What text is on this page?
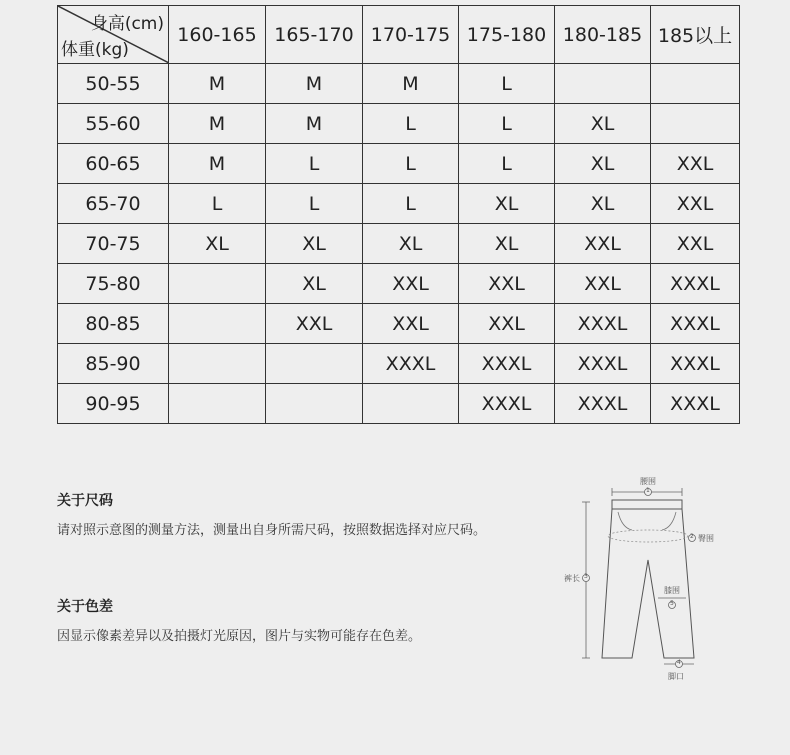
身高(cm)
体重(kg)	160-165	165-170	170-175	175-180	180-185	185以上
50-55	M	M	M	L		
55-60	M	M	L	L	XL	
60-65	M	L	L	L	XL	XXL
65-70	L	L	L	XL	XL	XXL
70-75	XL	XL	XL	XL	XXL	XXL
75-80		XL	XXL	XXL	XXL	XXXL
80-85		XXL	XXL	XXL	XXXL	XXXL
85-90			XXXL	XXXL	XXXL	XXXL
90-95				XXXL	XXXL	XXXL
关于尺码

请对照示意图的测量方法，测量出自身所需尺码，按照数据选择对应尺码。

关于色差

因显示像素差异以及拍摄灯光原因，图片与实物可能存在色差。

腰围
1
2 臀围
裤长 3
膝围
5
4
脚口
